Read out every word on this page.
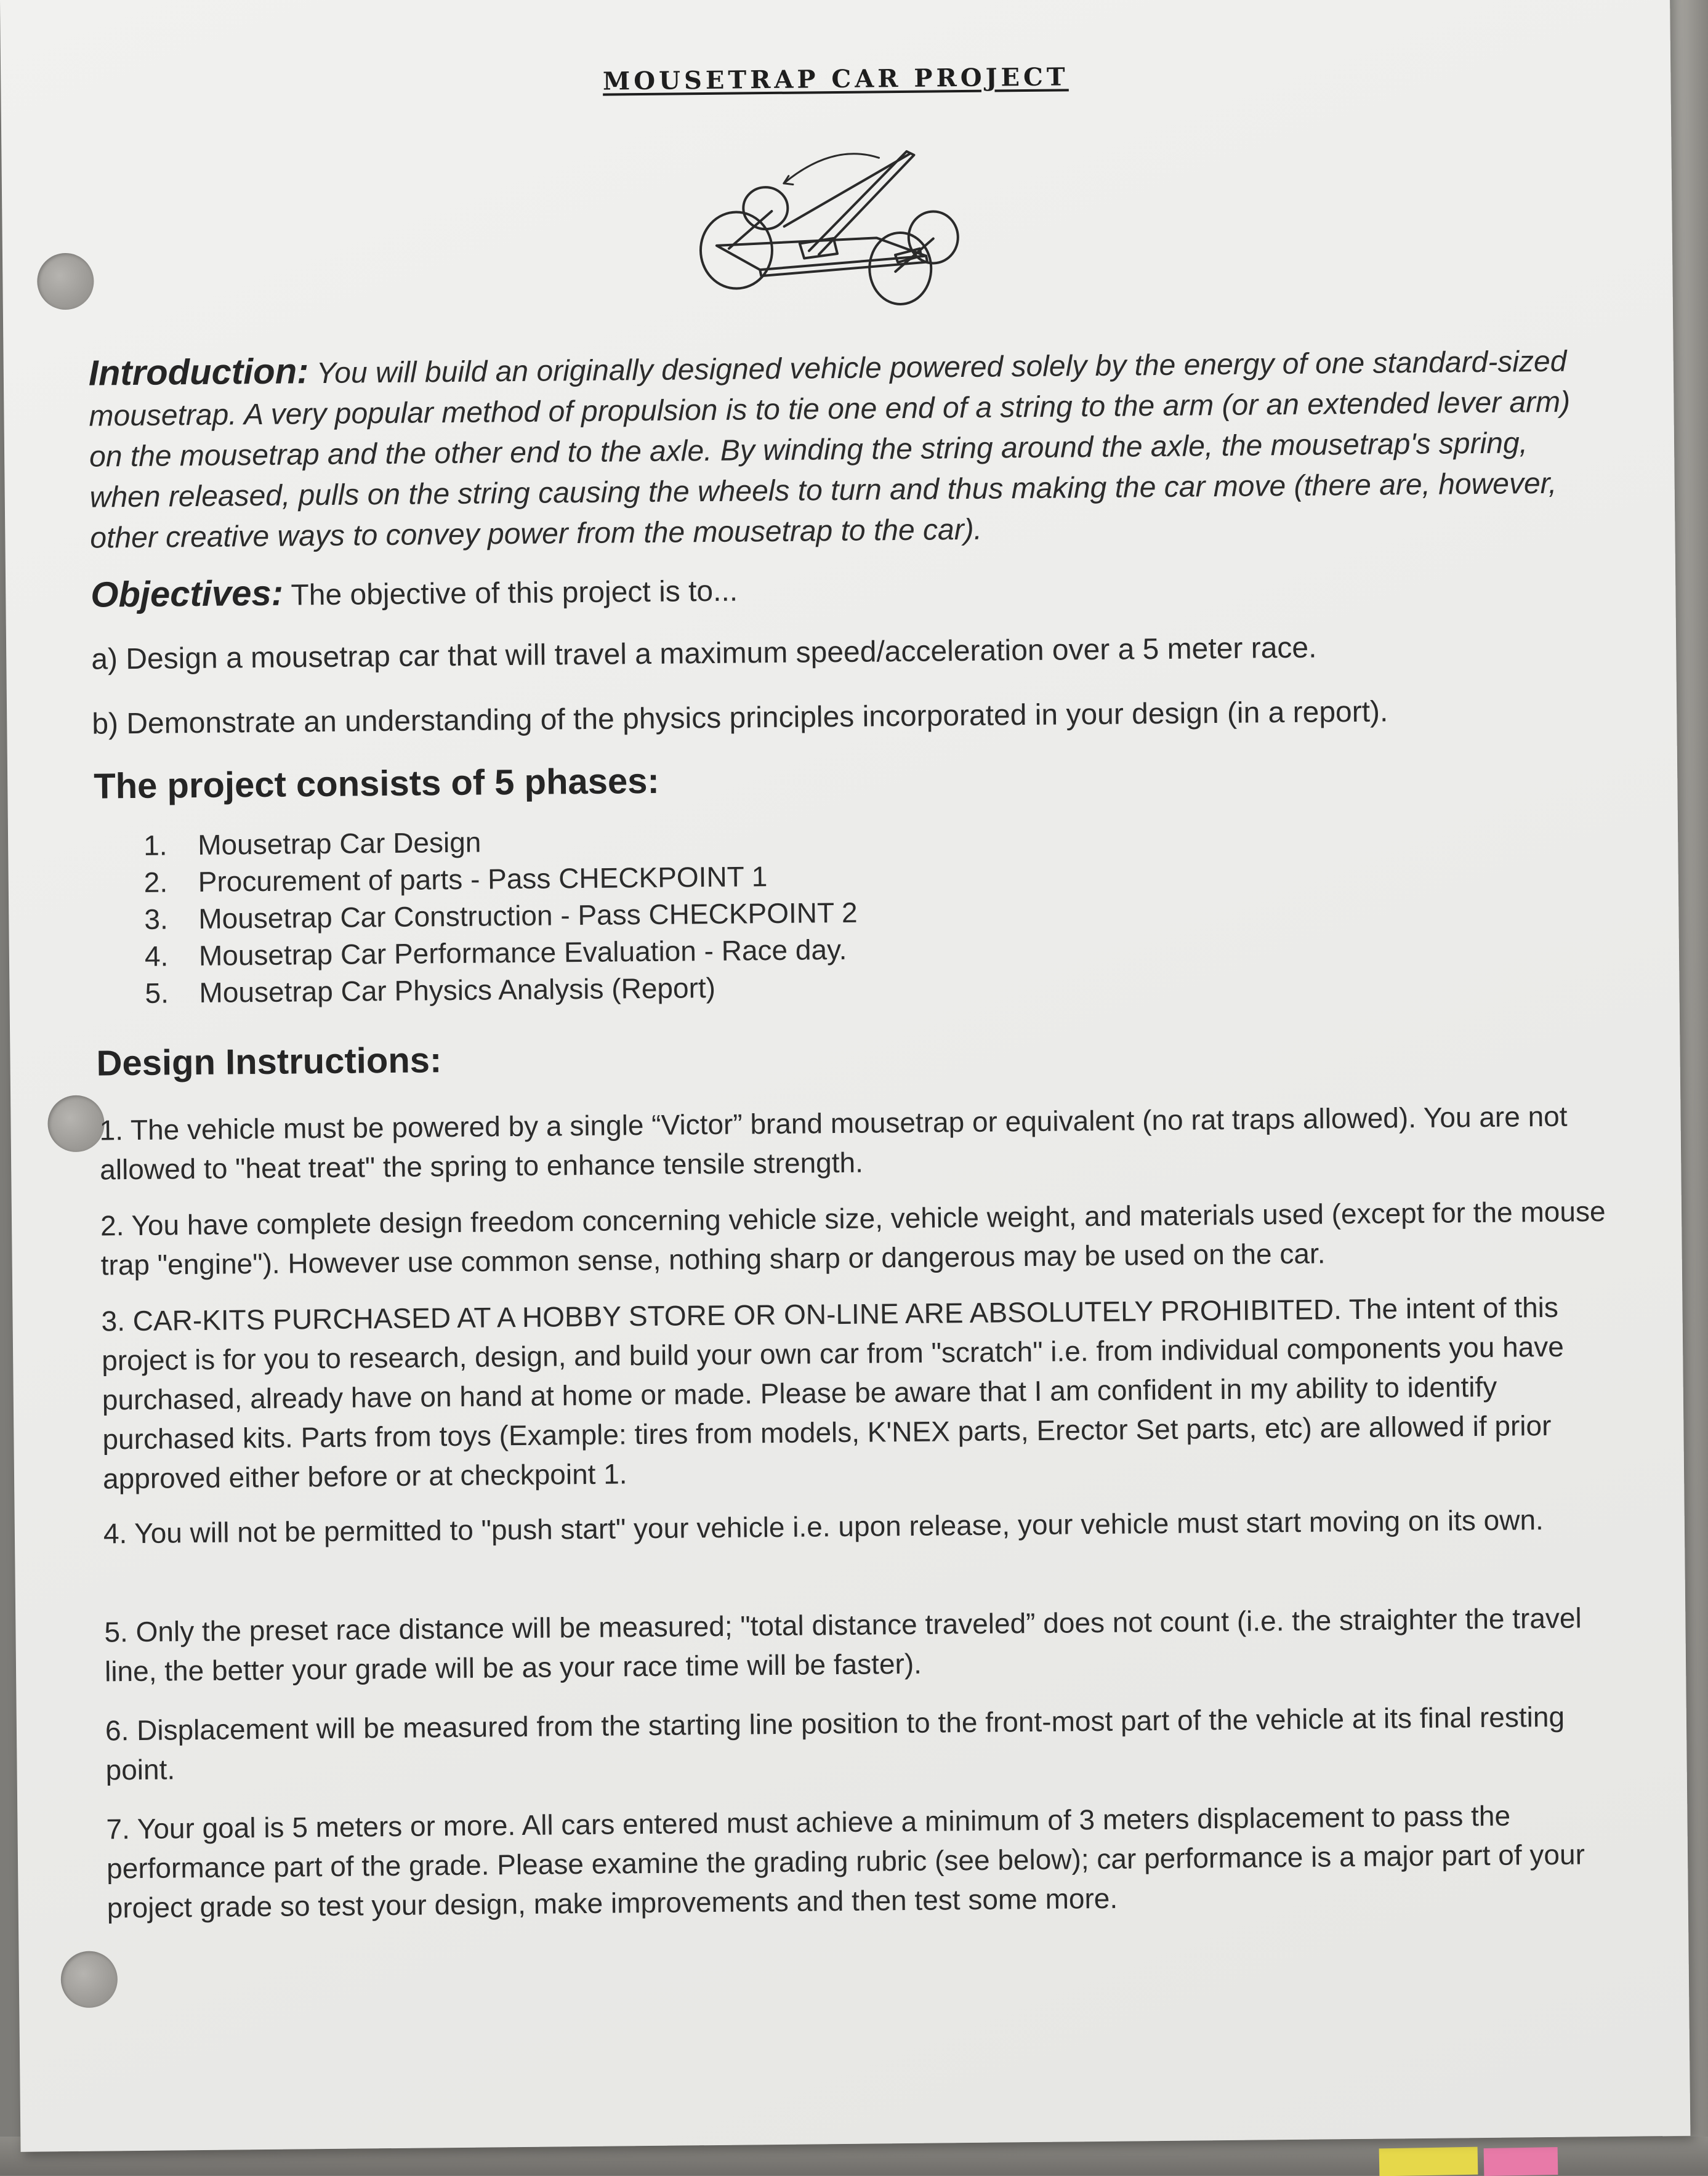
MOUSETRAP CAR PROJECT
Introduction: You will build an originally designed vehicle powered solely by the energy of one standard-sized mousetrap. A very popular method of propulsion is to tie one end of a string to the arm (or an extended lever arm) on the mousetrap and the other end to the axle. By winding the string around the axle, the mousetrap's spring, when released, pulls on the string causing the wheels to turn and thus making the car move (there are, however, other creative ways to convey power from the mousetrap to the car).
Objectives: The objective of this project is to...
a) Design a mousetrap car that will travel a maximum speed/acceleration over a 5 meter race.
b) Demonstrate an understanding of the physics principles incorporated in your design (in a report).
The project consists of 5 phases:
1.	Mousetrap Car Design
2.	Procurement of parts - Pass CHECKPOINT 1
3.	Mousetrap Car Construction - Pass CHECKPOINT 2
4.	Mousetrap Car Performance Evaluation - Race day.
5.	Mousetrap Car Physics Analysis (Report)
Design Instructions:
1. The vehicle must be powered by a single “Victor” brand mousetrap or equivalent (no rat traps allowed). You are not allowed to "heat treat" the spring to enhance tensile strength.
2. You have complete design freedom concerning vehicle size, vehicle weight, and materials used (except for the mouse trap "engine"). However use common sense, nothing sharp or dangerous may be used on the car.
3. CAR-KITS PURCHASED AT A HOBBY STORE OR ON-LINE ARE ABSOLUTELY PROHIBITED. The intent of this project is for you to research, design, and build your own car from "scratch" i.e. from individual components you have purchased, already have on hand at home or made. Please be aware that I am confident in my ability to identify purchased kits. Parts from toys (Example: tires from models, K'NEX parts, Erector Set parts, etc) are allowed if prior approved either before or at checkpoint 1.
4. You will not be permitted to "push start" your vehicle i.e. upon release, your vehicle must start moving on its own.
5. Only the preset race distance will be measured; "total distance traveled” does not count (i.e. the straighter the travel line, the better your grade will be as your race time will be faster).
6. Displacement will be measured from the starting line position to the front-most part of the vehicle at its final resting point.
7. Your goal is 5 meters or more. All cars entered must achieve a minimum of 3 meters displacement to pass the performance part of the grade. Please examine the grading rubric (see below); car performance is a major part of your project grade so test your design, make improvements and then test some more.
